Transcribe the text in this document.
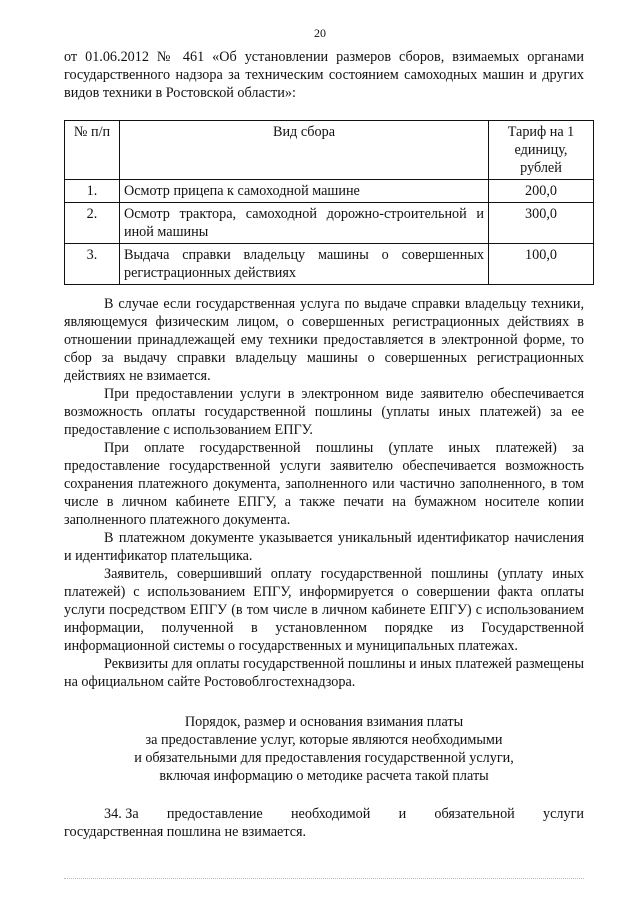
20

от 01.06.2012 № 461 «Об установлении размеров сборов, взимаемых органами государственного надзора за техническим состоянием самоходных машин и других видов техники в Ростовской области»:

№ п/п	Вид сбора	Тариф на 1 единицу, рублей
1.	Осмотр прицепа к самоходной машине	200,0
2.	Осмотр трактора, самоходной дорожно-строительной и иной машины	300,0
3.	Выдача справки владельцу машины о совершенных регистрационных действиях	100,0

В случае если государственная услуга по выдаче справки владельцу техники, являющемуся физическим лицом, о совершенных регистрационных действиях в отношении принадлежащей ему техники предоставляется в электронной форме, то сбор за выдачу справки владельцу машины о совершенных регистрационных действиях не взимается.

При предоставлении услуги в электронном виде заявителю обеспечивается возможность оплаты государственной пошлины (уплаты иных платежей) за ее предоставление с использованием ЕПГУ.

При оплате государственной пошлины (уплате иных платежей) за предоставление государственной услуги заявителю обеспечивается возможность сохранения платежного документа, заполненного или частично заполненного, в том числе в личном кабинете ЕПГУ, а также печати на бумажном носителе копии заполненного платежного документа.

В платежном документе указывается уникальный идентификатор начисления и идентификатор плательщика.

Заявитель, совершивший оплату государственной пошлины (уплату иных платежей) с использованием ЕПГУ, информируется о совершении факта оплаты услуги посредством ЕПГУ (в том числе в личном кабинете ЕПГУ) с использованием информации, полученной в установленном порядке из Государственной информационной системы о государственных и муниципальных платежах.

Реквизиты для оплаты государственной пошлины и иных платежей размещены на официальном сайте Ростовоблгостехнадзора.

Порядок, размер и основания взимания платы
за предоставление услуг, которые являются необходимыми
и обязательными для предоставления государственной услуги,
включая информацию о методике расчета такой платы
34. За предоставление необходимой и обязательной услуги
государственная пошлина не взимается.
